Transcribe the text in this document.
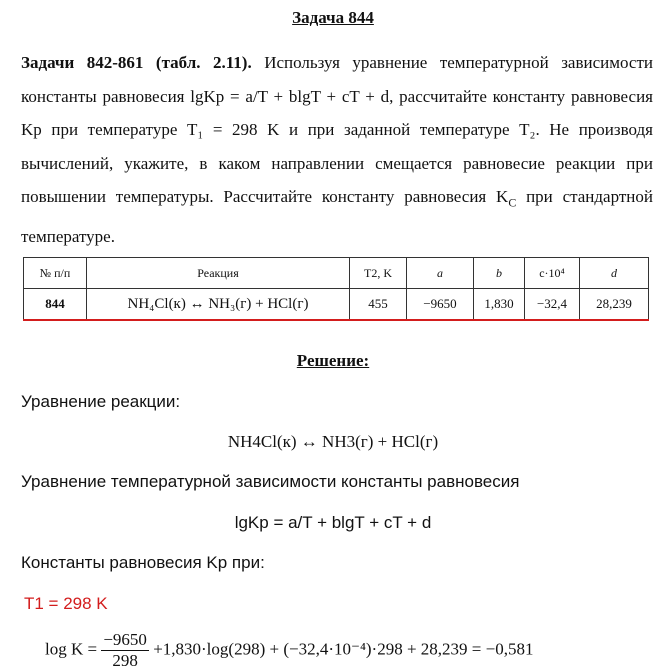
Задача 844
Задачи 842-861 (табл. 2.11). Используя уравнение температурной зависимости константы равновесия lgKp = a/T + blgT + cT + d, рассчитайте константу равновесия Kp при температуре T₁ = 298 K и при заданной температуре T₂. Не производя вычислений, укажите, в каком направлении смещается равновесие реакции при повышении температуры. Рассчитайте константу равновесия $K_C$ при стандартной температуре.
№ п/п	Реакция	T2, K	a	b	c·10⁴	d
844	NH₄Cl(к) ↔ NH₃(г) + HCl(г)	455	−9650	1,830	−32,4	28,239
Решение:
Уравнение реакции:
NH4Cl(к) ↔ NH3(г) + HCl(г)
Уравнение температурной зависимости константы равновесия
lgKp = a/T + blgT + cT + d
Константы равновесия Kp при:
T1 = 298 K
$\log K = \frac{-9650}{298} +1,830\cdot\log(298) + (-32,4\cdot 10^{-4})\cdot 298 + 28,239 = -0,581$
